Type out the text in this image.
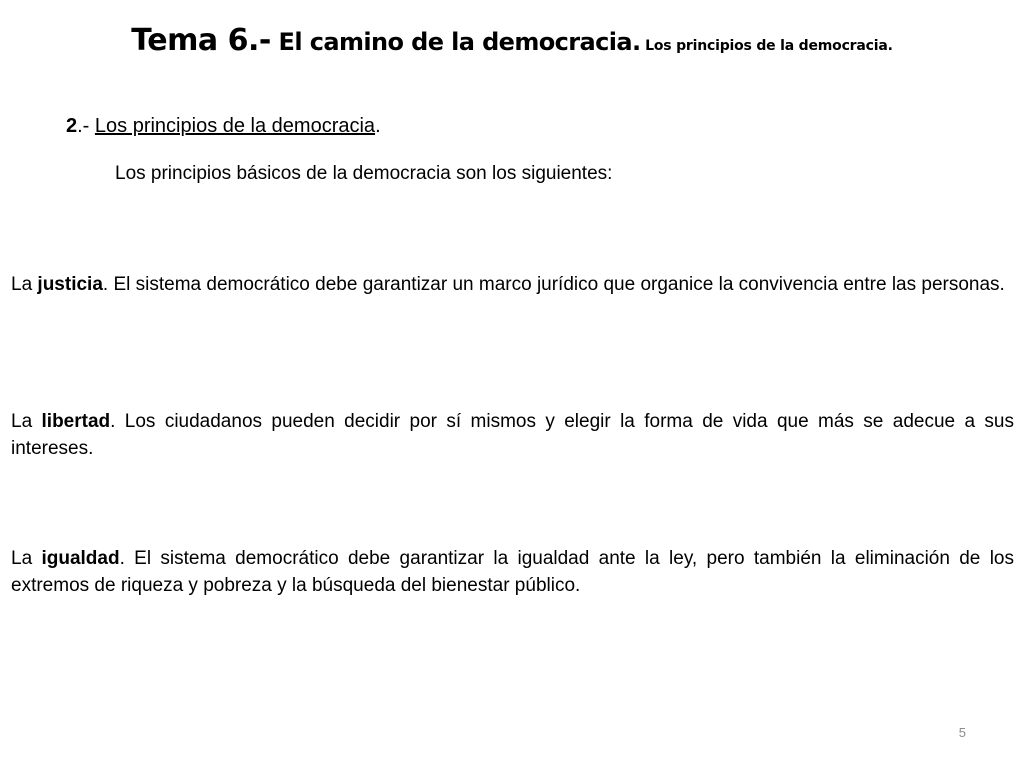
Tema 6.- El camino de la democracia. Los principios de la democracia.
2.- Los principios de la democracia.
Los principios básicos de la democracia son los siguientes:
La justicia. El sistema democrático debe garantizar un marco jurídico que organice la convivencia entre las personas.
La libertad. Los ciudadanos pueden decidir por sí mismos y elegir la forma de vida que más se adecue a sus intereses.
La igualdad. El sistema democrático debe garantizar la igualdad ante la ley, pero también la eliminación de los extremos de riqueza y pobreza y la búsqueda del bienestar público.
5
